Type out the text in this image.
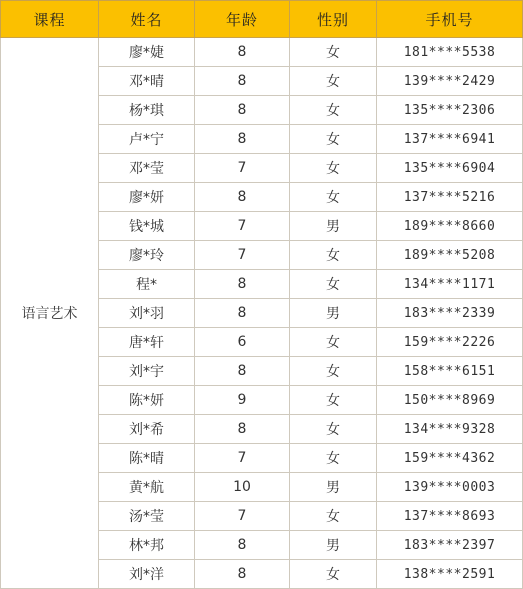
课程	姓名	年龄	性别	手机号
语言艺术	廖*婕	8	女	181****5538
	邓*晴	8	女	139****2429
	杨*琪	8	女	135****2306
	卢*宁	8	女	137****6941
	邓*莹	7	女	135****6904
	廖*妍	8	女	137****5216
	钱*城	7	男	189****8660
	廖*玲	7	女	189****5208
	程*	8	女	134****1171
	刘*羽	8	男	183****2339
	唐*轩	6	女	159****2226
	刘*宇	8	女	158****6151
	陈*妍	9	女	150****8969
	刘*希	8	女	134****9328
	陈*晴	7	女	159****4362
	黄*航	10	男	139****0003
	汤*莹	7	女	137****8693
	林*邦	8	男	183****2397
	刘*洋	8	女	138****2591
